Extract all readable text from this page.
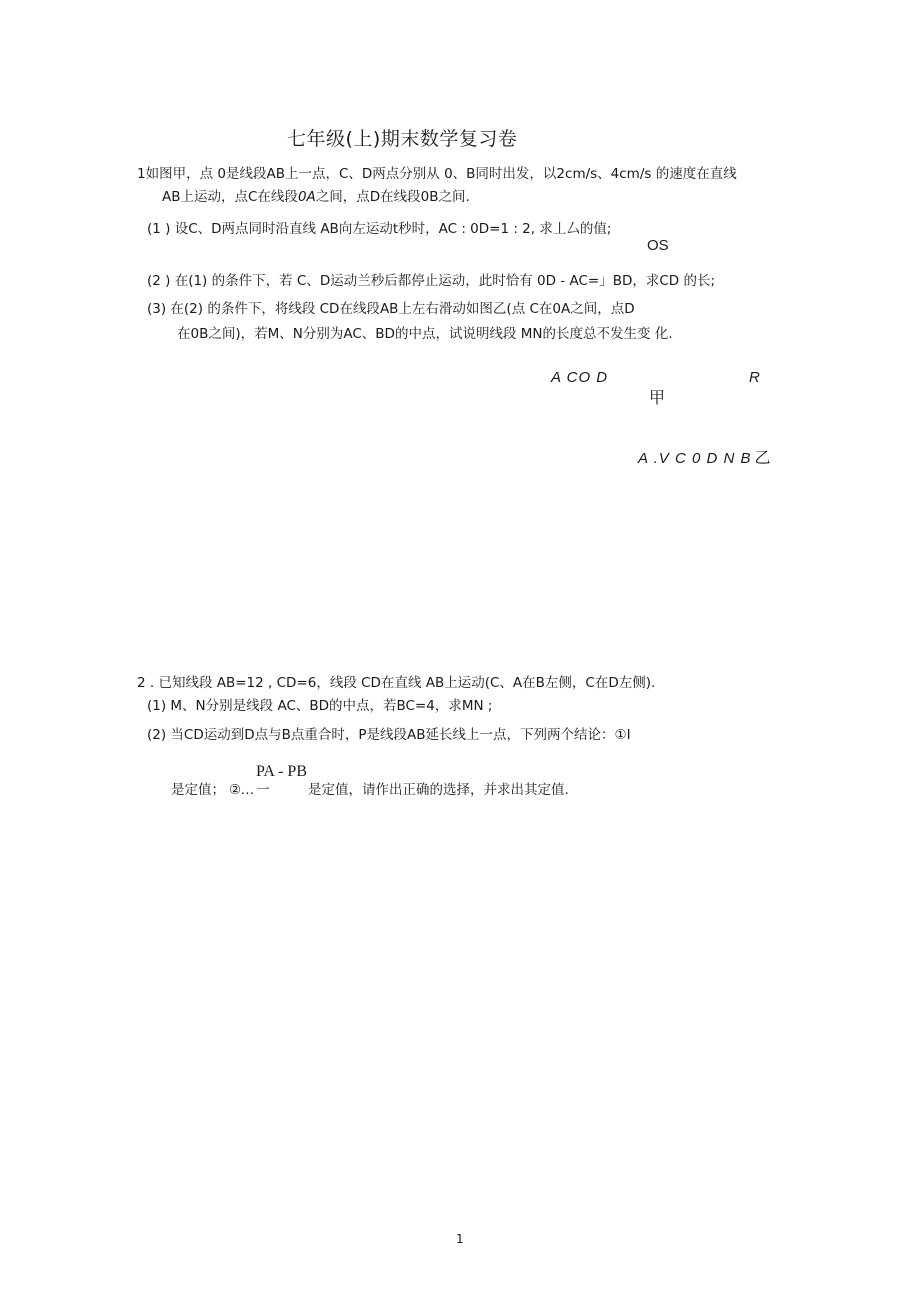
七年级(上)期末数学复习卷
1如图甲，点 0是线段AB上一点，C、D两点分别从 0、B同时出发，以2cm/s、4cm/s 的速度在直线
AB上运动，点C在线段0A之间，点D在线段0B之间.
(1 ) 设C、D两点同时沿直线 AB向左运动t秒时，AC : 0D=1 : 2, 求丄厶的值;
OS
(2 ) 在(1) 的条件下，若 C、D运动兰秒后都停止运动，此时恰有 0D - AC=」BD，求CD 的长;
(3) 在(2) 的条件下，将线段 CD在线段AB上左右滑动如图乙(点 C在0A之间，点D
在0B之间)，若M、N分别为AC、BD的中点，试说明线段 MN的长度总不发生变 化.
A CO D	R
甲
A .V C 0 D N B 乙
2 . 已知线段 AB=12 , CD=6，线段 CD在直线 AB上运动(C、A在B左侧，C在D左侧).
(1) M、N分别是线段 AC、BD的中点，若BC=4，求MN ;
(2) 当CD运动到D点与B点重合时，P是线段AB延长线上一点，下列两个结论：①I
PA - PB
是定值； ②…一	是定值，请作出正确的选择，并求出其定值.
1
